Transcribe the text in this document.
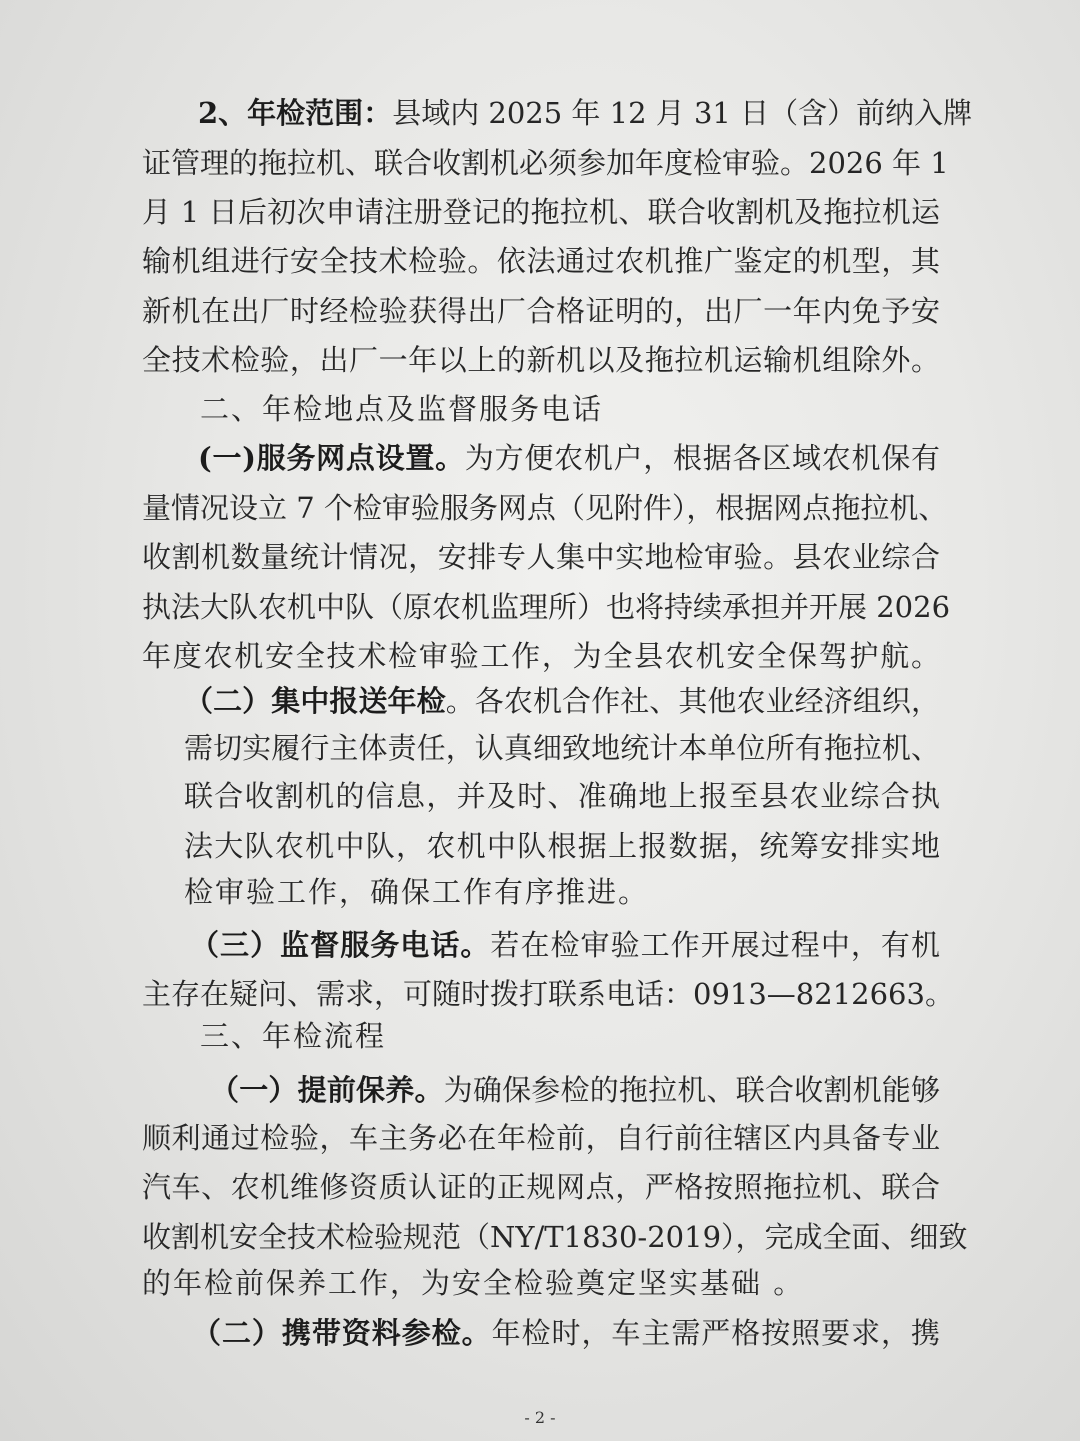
2、年检范围：县域内 2025 年 12 月 31 日（含）前纳入牌
证管理的拖拉机、联合收割机必须参加年度检审验。2026 年 1
月 1 日后初次申请注册登记的拖拉机、联合收割机及拖拉机运
输机组进行安全技术检验。依法通过农机推广鉴定的机型，其
新机在出厂时经检验获得出厂合格证明的，出厂一年内免予安
全技术检验，出厂一年以上的新机以及拖拉机运输机组除外。
二、年检地点及监督服务电话
(一)服务网点设置。为方便农机户，根据各区域农机保有
量情况设立 7 个检审验服务网点（见附件），根据网点拖拉机、
收割机数量统计情况，安排专人集中实地检审验。县农业综合
执法大队农机中队（原农机监理所）也将持续承担并开展 2026
年度农机安全技术检审验工作，为全县农机安全保驾护航。
（二）集中报送年检。各农机合作社、其他农业经济组织，
需切实履行主体责任，认真细致地统计本单位所有拖拉机、
联合收割机的信息，并及时、准确地上报至县农业综合执
法大队农机中队，农机中队根据上报数据，统筹安排实地
检审验工作，确保工作有序推进。
（三）监督服务电话。若在检审验工作开展过程中，有机
主存在疑问、需求，可随时拨打联系电话：0913—8212663。
三、年检流程
（一）提前保养。为确保参检的拖拉机、联合收割机能够
顺利通过检验，车主务必在年检前，自行前往辖区内具备专业
汽车、农机维修资质认证的正规网点，严格按照拖拉机、联合
收割机安全技术检验规范（NY/T1830-2019），完成全面、细致
的年检前保养工作，为安全检验奠定坚实基础 。
（二）携带资料参检。年检时，车主需严格按照要求，携
- 2 -
